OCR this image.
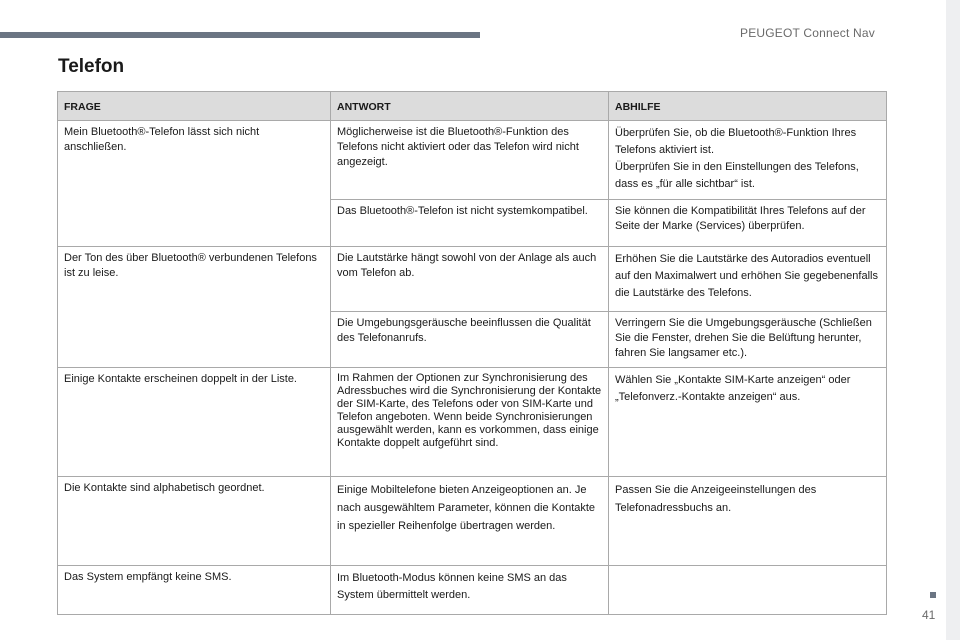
PEUGEOT Connect Nav
Telefon
FRAGE	ANTWORT	ABHILFE
Mein Bluetooth®-Telefon lässt sich nicht anschließen.	Möglicherweise ist die Bluetooth®-Funktion des Telefons nicht aktiviert oder das Telefon wird nicht angezeigt.	Überprüfen Sie, ob die Bluetooth®-Funktion Ihres Telefons aktiviert ist.
Überprüfen Sie in den Einstellungen des Telefons, dass es „für alle sichtbar“ ist.
	Das Bluetooth®-Telefon ist nicht systemkompatibel.	Sie können die Kompatibilität Ihres Telefons auf der Seite der Marke (Services) überprüfen.
Der Ton des über Bluetooth® verbundenen Telefons ist zu leise.	Die Lautstärke hängt sowohl von der Anlage als auch vom Telefon ab.	Erhöhen Sie die Lautstärke des Autoradios eventuell auf den Maximalwert und erhöhen Sie gegebenenfalls die Lautstärke des Telefons.
	Die Umgebungsgeräusche beeinflussen die Qualität des Telefonanrufs.	Verringern Sie die Umgebungsgeräusche (Schließen Sie die Fenster, drehen Sie die Belüftung herunter, fahren Sie langsamer etc.).
Einige Kontakte erscheinen doppelt in der Liste.	Im Rahmen der Optionen zur Synchronisierung des Adressbuches wird die Synchronisierung der Kontakte der SIM-Karte, des Telefons oder von SIM-Karte und Telefon angeboten. Wenn beide Synchronisierungen ausgewählt werden, kann es vorkommen, dass einige Kontakte doppelt aufgeführt sind.	Wählen Sie „Kontakte SIM-Karte anzeigen“ oder „Telefonverz.-Kontakte anzeigen“ aus.
Die Kontakte sind alphabetisch geordnet.	Einige Mobiltelefone bieten Anzeigeoptionen an. Je nach ausgewähltem Parameter, können die Kontakte in spezieller Reihenfolge übertragen werden.	Passen Sie die Anzeigeeinstellungen des Telefonadressbuchs an.
Das System empfängt keine SMS.	Im Bluetooth-Modus können keine SMS an das System übermittelt werden.	
41
